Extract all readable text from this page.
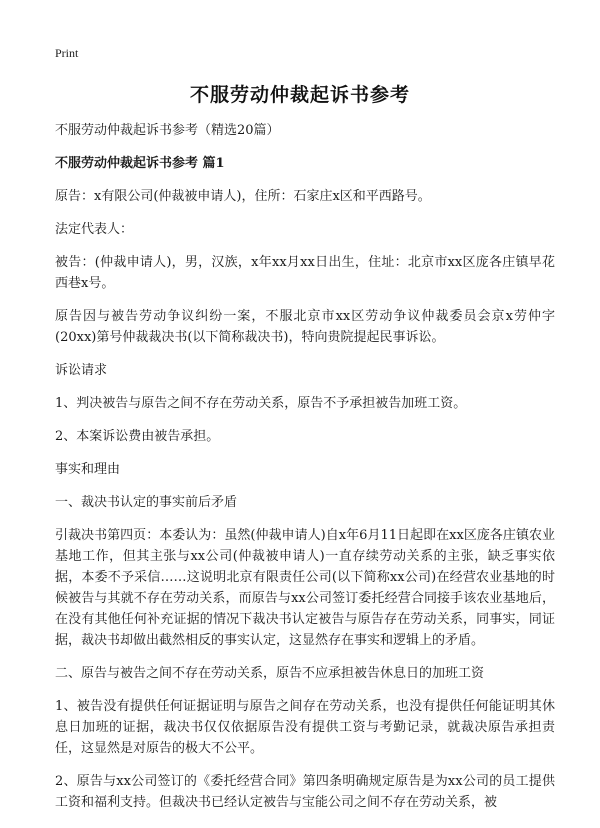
Print
不服劳动仲裁起诉书参考

不服劳动仲裁起诉书参考（精选20篇）

不服劳动仲裁起诉书参考 篇1

原告：x有限公司(仲裁被申请人)，住所：石家庄x区和平西路号。

法定代表人：

被告：(仲裁申请人)，男，汉族，x年xx月xx日出生，住址：北京市xx区庞各庄镇早花西巷x号。

原告因与被告劳动争议纠纷一案，不服北京市xx区劳动争议仲裁委员会京x劳仲字(20xx)第号仲裁裁决书(以下简称裁决书)，特向贵院提起民事诉讼。

诉讼请求

1、判决被告与原告之间不存在劳动关系，原告不予承担被告加班工资。

2、本案诉讼费由被告承担。

事实和理由

一、裁决书认定的事实前后矛盾

引裁决书第四页：本委认为：虽然(仲裁申请人)自x年6月11日起即在xx区庞各庄镇农业基地工作，但其主张与xx公司(仲裁被申请人)一直存续劳动关系的主张，缺乏事实依据，本委不予采信……这说明北京有限责任公司(以下简称xx公司)在经营农业基地的时候被告与其就不存在劳动关系，而原告与xx公司签订委托经营合同接手该农业基地后，在没有其他任何补充证据的情况下裁决书认定被告与原告存在劳动关系，同事实，同证据，裁决书却做出截然相反的事实认定，这显然存在事实和逻辑上的矛盾。

二、原告与被告之间不存在劳动关系，原告不应承担被告休息日的加班工资

1、被告没有提供任何证据证明与原告之间存在劳动关系，也没有提供任何能证明其休息日加班的证据，裁决书仅仅依据原告没有提供工资与考勤记录，就裁决原告承担责任，这显然是对原告的极大不公平。

2、原告与xx公司签订的《委托经营合同》第四条明确规定原告是为xx公司的员工提供工资和福利支持。但裁决书已经认定被告与宝能公司之间不存在劳动关系，被
